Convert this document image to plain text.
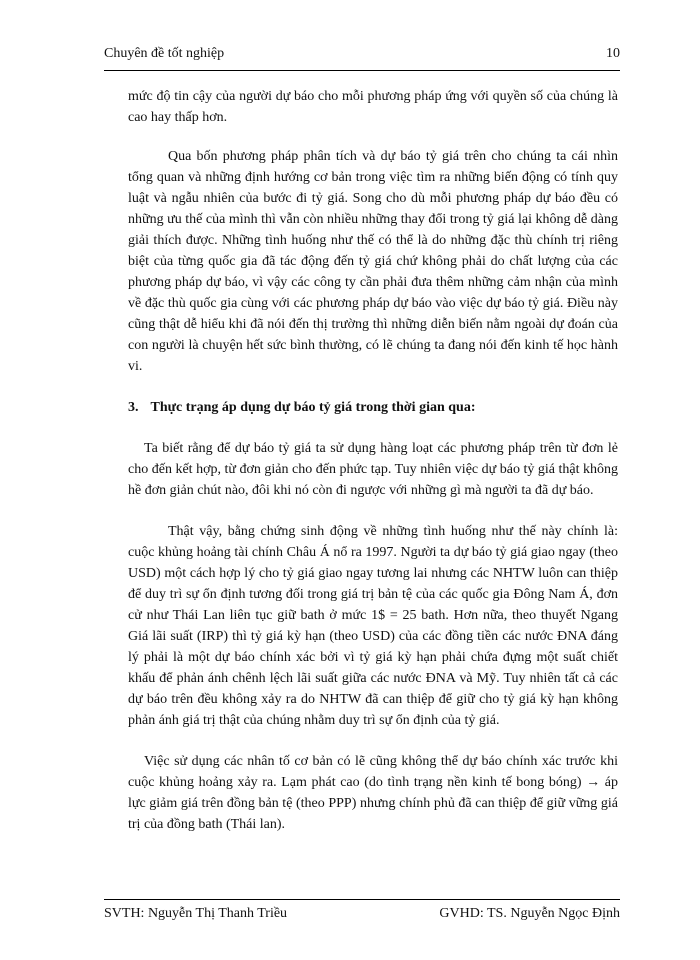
Chuyên đề tốt nghiệp	10

mức độ tin cậy của người dự báo cho mỗi phương pháp ứng với quyền số của chúng là cao hay thấp hơn.

Qua bốn phương pháp phân tích và dự báo tỷ giá trên cho chúng ta cái nhìn tổng quan và những định hướng cơ bản trong việc tìm ra những biến động có tính quy luật và ngẫu nhiên của bước đi tỷ giá. Song cho dù mỗi phương pháp dự báo đều có những ưu thế của mình thì vẫn còn nhiều những thay đổi trong tỷ giá lại không dễ dàng giải thích được. Những tình huống như thế có thể là do những đặc thù chính trị riêng biệt của từng quốc gia đã tác động đến tỷ giá chứ không phải do chất lượng của các phương pháp dự báo, vì vậy các công ty cần phải đưa thêm những cảm nhận của mình về đặc thù quốc gia cùng với các phương pháp dự báo vào việc dự báo tỷ giá. Điều này cũng thật dễ hiểu khi đã nói đến thị trường thì những diễn biến nằm ngoài dự đoán của con người là chuyện hết sức bình thường, có lẽ chúng ta đang nói đến kinh tế học hành vi.

3. Thực trạng áp dụng dự báo tỷ giá trong thời gian qua:

Ta biết rằng để dự báo tỷ giá ta sử dụng hàng loạt các phương pháp trên từ đơn lẻ cho đến kết hợp, từ đơn giản cho đến phức tạp. Tuy nhiên việc dự báo tỷ giá thật không hề đơn giản chút nào, đôi khi nó còn đi ngược với những gì mà người ta đã dự báo.

Thật vậy, bằng chứng sinh động về những tình huống như thế này chính là: cuộc khủng hoảng tài chính Châu Á nổ ra 1997. Người ta dự báo tỷ giá giao ngay (theo USD) một cách hợp lý cho tỷ giá giao ngay tương lai nhưng các NHTW luôn can thiệp để duy trì sự ổn định tương đối trong giá trị bản tệ của các quốc gia Đông Nam Á, đơn cử như Thái Lan liên tục giữ bath ở mức 1$ = 25 bath. Hơn nữa, theo thuyết Ngang Giá lãi suất (IRP) thì tỷ giá kỳ hạn (theo USD) của các đồng tiền các nước ĐNA đáng lý phải là một dự báo chính xác bởi vì tỷ giá kỳ hạn phải chứa đựng một suất chiết khấu để phản ánh chênh lệch lãi suất giữa các nước ĐNA và Mỹ. Tuy nhiên tất cả các dự báo trên đều không xảy ra do NHTW đã can thiệp để giữ cho tỷ giá kỳ hạn không phản ánh giá trị thật của chúng nhằm duy trì sự ổn định của tỷ giá.

Việc sử dụng các nhân tố cơ bản có lẽ cũng không thể dự báo chính xác trước khi cuộc khủng hoảng xảy ra. Lạm phát cao (do tình trạng nền kinh tế bong bóng) → áp lực giảm giá trên đồng bản tệ (theo PPP) nhưng chính phủ đã can thiệp để giữ vững giá trị của đồng bath (Thái lan).

SVTH: Nguyễn Thị Thanh Triều	GVHD: TS. Nguyễn Ngọc Định
